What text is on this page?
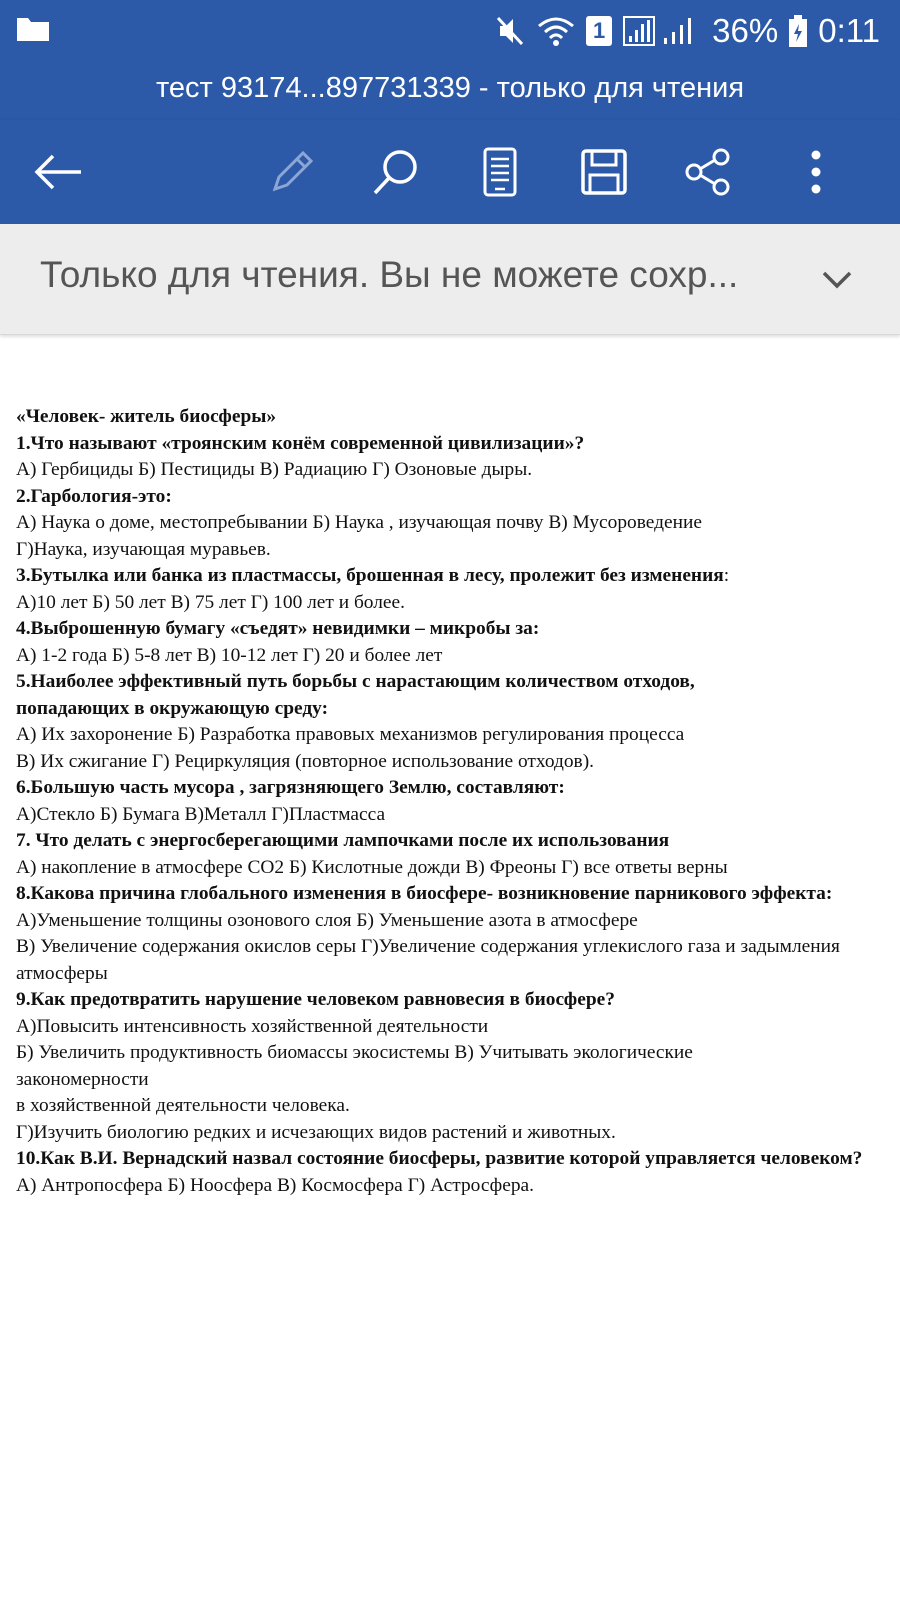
1	36% 0:11
тест 93174...897731339 - только для чтения
Только для чтения. Вы не можете сохр...

«Человек- житель биосферы»

1.Что называют «троянским конём современной цивилизации»?

А) Гербициды Б) Пестициды В) Радиацию Г) Озоновые дыры.

2.Гарбология-это:

А) Наука о доме, местопребывании Б) Наука , изучающая почву В) Мусороведение

Г)Наука, изучающая муравьев.

3.Бутылка или банка из пластмассы, брошенная в лесу, пролежит без изменения:

А)10 лет Б) 50 лет В) 75 лет Г) 100 лет и более.

4.Выброшенную бумагу «съедят» невидимки – микробы за:

А) 1-2 года Б) 5-8 лет В) 10-12 лет Г) 20 и более лет

5.Наиболее эффективный путь борьбы с нарастающим количеством отходов, попадающих в окружающую среду:

А) Их захоронение Б) Разработка правовых механизмов регулирования процесса

В) Их сжигание Г) Рециркуляция (повторное использование отходов).

6.Большую часть мусора , загрязняющего Землю, составляют:

А)Стекло Б) Бумага В)Металл Г)Пластмасса

7. Что делать с энергосберегающими лампочками после их использования

А) накопление в атмосфере CO2 Б) Кислотные дожди В) Фреоны Г) все ответы верны

8.Какова причина глобального изменения в биосфере- возникновение парникового эффекта:

А)Уменьшение толщины озонового слоя Б) Уменьшение азота в атмосфере

В) Увеличение содержания окислов серы Г)Увеличение содержания углекислого газа и задымления атмосферы

9.Как предотвратить нарушение человеком равновесия в биосфере?

А)Повысить интенсивность хозяйственной деятельности

Б) Увеличить продуктивность биомассы экосистемы В) Учитывать экологические закономерности

в хозяйственной деятельности человека.

Г)Изучить биологию редких и исчезающих видов растений и животных.

10.Как В.И. Вернадский назвал состояние биосферы, развитие которой управляется человеком?

А) Антропосфера Б) Ноосфера В) Космосфера Г) Астросфера.
